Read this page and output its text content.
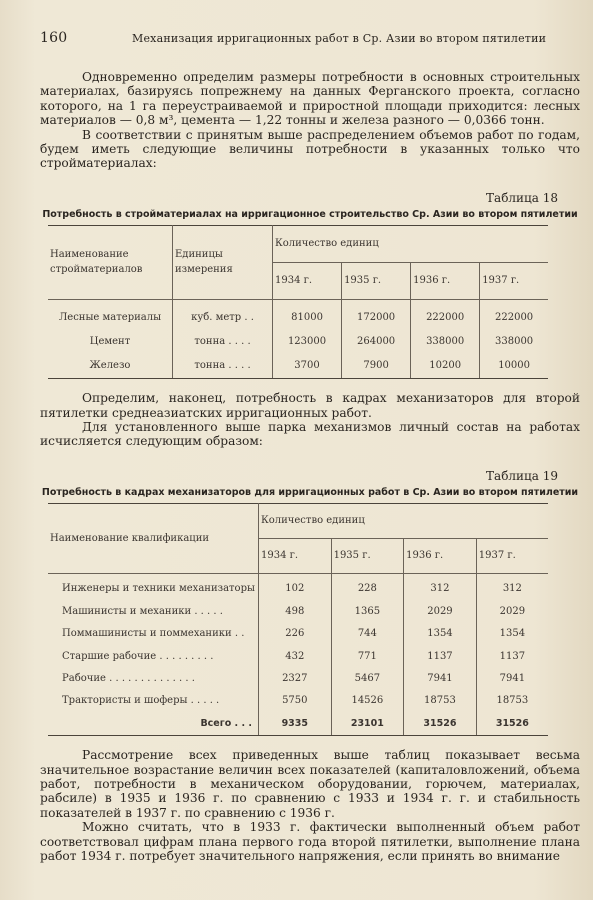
160	Механизация ирригационных работ в Ср. Азии во втором пятилетии

Одновременно определим размеры потребности в основных строительных материалах, базируясь попрежнему на данных Ферганского проекта, согласно которого, на 1 га переустраиваемой и приростной площади приходится: лесных материалов — 0,8 м³, цемента — 1,22 тонны и железа разного — 0,0366 тонн.

В соответствии с принятым выше распределением объемов работ по годам, будем иметь следующие величины потребности в указанных только что стройматериалах:

Таблица 18
Потребность в стройматериалах на ирригационное строительство Ср. Азии во втором пятилетии
Наименование стройматериалов	Единицы измерения	Количество единиц			
		1934 г.	1935 г.	1936 г.	1937 г.
Лесные материалы	куб. метр . .	81000	172000	222000	222000
Цемент	тонна . . . .	123000	264000	338000	338000
Железо	тонна . . . .	3700	7900	10200	10000

Определим, наконец, потребность в кадрах механизаторов для второй пятилетки среднеазиатских ирригационных работ.

Для установленного выше парка механизмов личный состав на работах исчисляется следующим образом:

Таблица 19
Потребность в кадрах механизаторов для ирригационных работ в Ср. Азии во втором пятилетии
Наименование квалификации	Количество единиц			
	1934 г.	1935 г.	1936 г.	1937 г.
Инженеры и техники механизаторы	102	228	312	312
Машинисты и механики . . . . .	498	1365	2029	2029
Поммашинисты и поммеханики . .	226	744	1354	1354
Старшие рабочие . . . . . . . . .	432	771	1137	1137
Рабочие . . . . . . . . . . . . . .	2327	5467	7941	7941
Трактористы и шоферы . . . . .	5750	14526	18753	18753
Всего . . .	9335	23101	31526	31526

Рассмотрение всех приведенных выше таблиц показывает весьма значительное возрастание величин всех показателей (капиталовложений, объема работ, потребности в механическом оборудовании, горючем, материалах, рабсиле) в 1935 и 1936 г. по сравнению с 1933 и 1934 г. г. и стабильность показателей в 1937 г. по сравнению с 1936 г.

Можно считать, что в 1933 г. фактически выполненный объем работ соответствовал цифрам плана первого года второй пятилетки, выполнение плана работ 1934 г. потребует значительного напряжения, если принять во внимание
